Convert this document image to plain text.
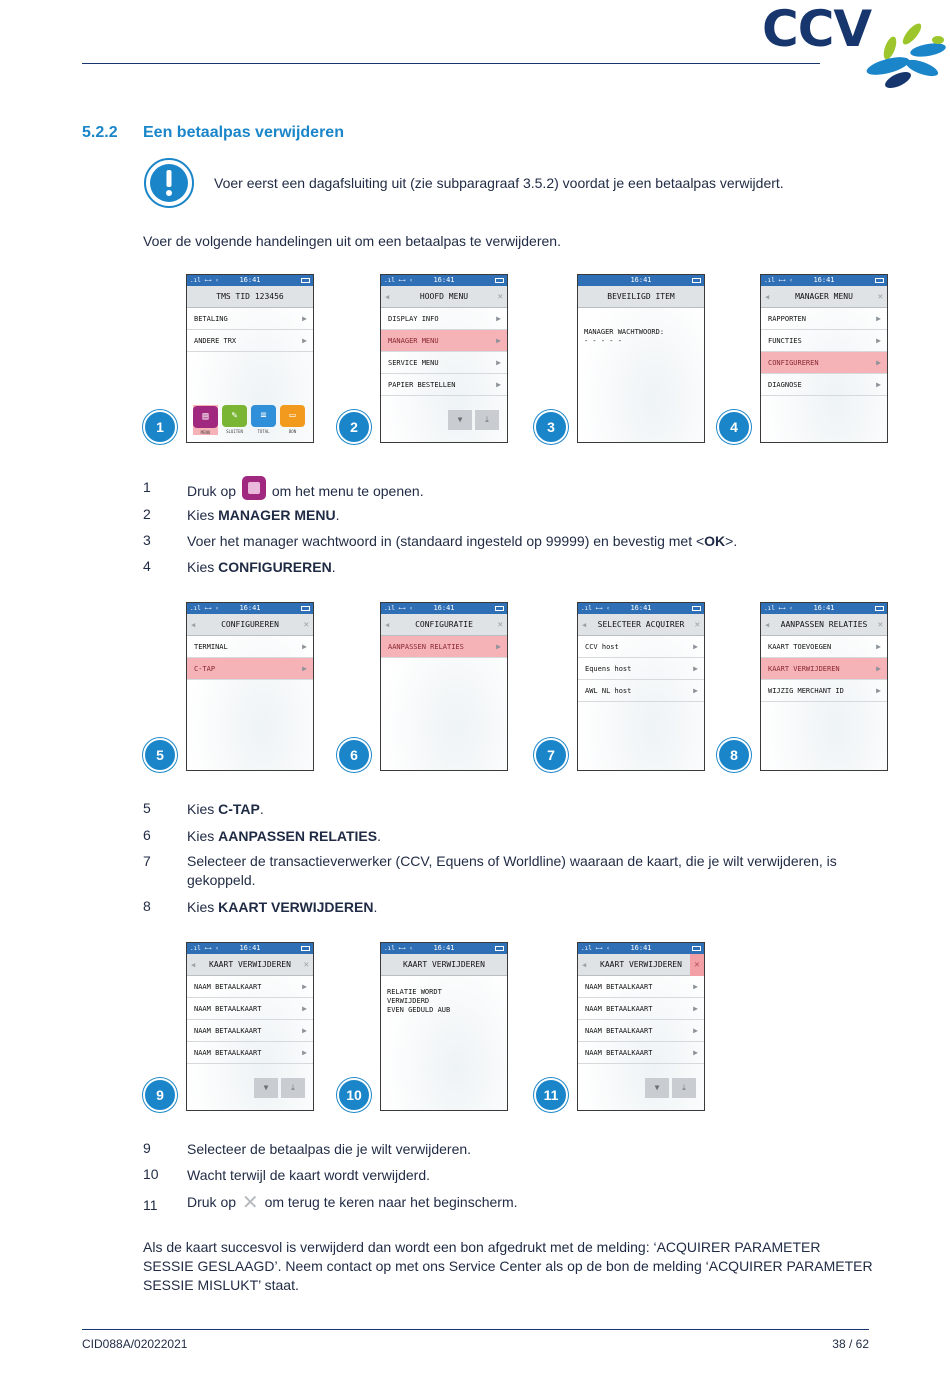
CCV
5.2.2 Een betaalpas verwijderen
Voer eerst een dagafsluiting uit (zie subparagraaf 3.5.2) voordat je een betaalpas verwijdert.
Voer de volgende handelingen uit om een betaalpas te verwijderen.
.ıl ←→ ‹	16:41
TMS TID 123456
BETALING	▶
ANDERE TRX	▶
▤
MENU
✎
SLUITEN
≡
TOTAL
▭
BON
1
.ıl ←→ ‹	16:41
◀	HOOFD MENU	✕
DISPLAY INFO	▶
MANAGER MENU	▶
SERVICE MENU	▶
PAPIER BESTELLEN	▶
▼	⤓
2
16:41
BEVEILIGD ITEM
MANAGER WACHTWOORD:
- - - - -
3
.ıl ←→ ‹	16:41
◀	MANAGER MENU	✕
RAPPORTEN	▶
FUNCTIES	▶
CONFIGUREREN	▶
DIAGNOSE	▶
4
1	Druk op	om het menu te openen.
2	Kies MANAGER MENU.
3	Voer het manager wachtwoord in (standaard ingesteld op 99999) en bevestig met <OK>.
4	Kies CONFIGUREREN.
.ıl ←→ ‹	16:41
◀	CONFIGUREREN	✕
TERMINAL	▶
C-TAP	▶
5
.ıl ←→ ‹	16:41
◀	CONFIGURATIE	✕
AANPASSEN RELATIES	▶
6
.ıl ←→ ‹	16:41
◀ SELECTEER ACQUIRER ✕
CCV host	▶
Equens host	▶
AWL NL host	▶
7
.ıl ←→ ‹	16:41
◀ AANPASSEN RELATIES ✕
KAART TOEVOEGEN	▶
KAART VERWIJDEREN	▶
WIJZIG MERCHANT ID	▶
8
5	Kies C-TAP.
6	Kies AANPASSEN RELATIES.
7	Selecteer de transactieverwerker (CCV, Equens of Worldline) waaraan de kaart, die je wilt verwijderen, is gekoppeld.
8	Kies KAART VERWIJDEREN.
.ıl ←→ ‹	16:41
◀ KAART VERWIJDEREN ✕
NAAM BETAALKAART	▶
NAAM BETAALKAART	▶
NAAM BETAALKAART	▶
NAAM BETAALKAART	▶
▼	⤓
9
.ıl ←→ ‹	16:41
KAART VERWIJDEREN
RELATIE WORDT
VERWIJDERD
EVEN GEDULD AUB
10
.ıl ←→ ‹	16:41
◀ KAART VERWIJDEREN	✕
NAAM BETAALKAART	▶
NAAM BETAALKAART	▶
NAAM BETAALKAART	▶
NAAM BETAALKAART	▶
▼	⤓
11
9	Selecteer de betaalpas die je wilt verwijderen.
10 Wacht terwijl de kaart wordt verwijderd.
11 Druk op ✕ om terug te keren naar het beginscherm.
Als de kaart succesvol is verwijderd dan wordt een bon afgedrukt met de melding: ‘ACQUIRER PARAMETER SESSIE GESLAAGD’. Neem contact op met ons Service Center als op de bon de melding ‘ACQUIRER PARAMETER SESSIE MISLUKT’ staat.
CID088A/02022021	38 / 62
